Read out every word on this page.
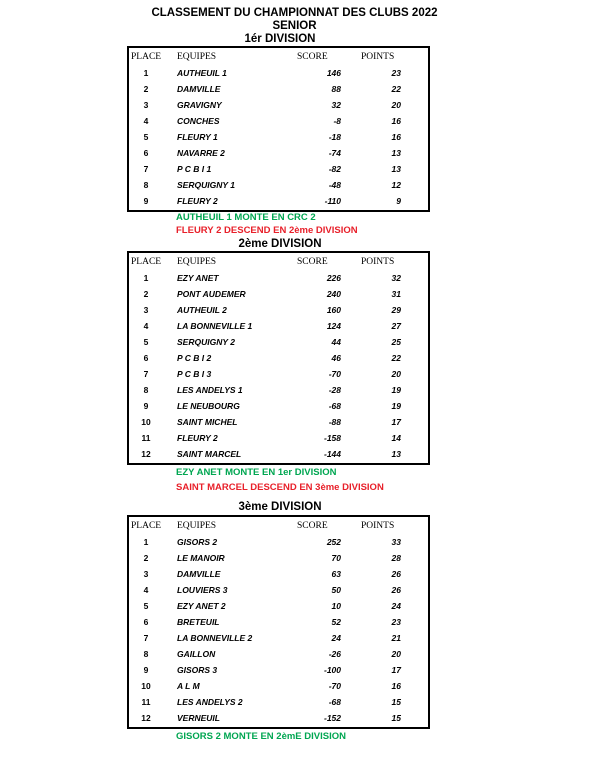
CLASSEMENT DU CHAMPIONNAT DES CLUBS 2022
SENIOR
1ér DIVISION
PLACE	EQUIPES	SCORE	POINTS
1	AUTHEUIL 1	146	23
2	DAMVILLE	88	22
3	GRAVIGNY	32	20
4	CONCHES	-8	16
5	FLEURY 1	-18	16
6	NAVARRE 2	-74	13
7	P C B I 1	-82	13
8	SERQUIGNY 1	-48	12
9	FLEURY 2	-110	9
AUTHEUIL 1 MONTE EN CRC 2
FLEURY 2 DESCEND EN 2ème DIVISION
2ème DIVISION
PLACE	EQUIPES	SCORE	POINTS
1	EZY ANET	226	32
2	PONT AUDEMER	240	31
3	AUTHEUIL 2	160	29
4	LA BONNEVILLE 1	124	27
5	SERQUIGNY 2	44	25
6	P C B I 2	46	22
7	P C B I 3	-70	20
8	LES ANDELYS 1	-28	19
9	LE NEUBOURG	-68	19
10	SAINT MICHEL	-88	17
11	FLEURY 2	-158	14
12	SAINT MARCEL	-144	13
EZY ANET MONTE EN 1er DIVISION
SAINT MARCEL DESCEND EN 3ème DIVISION
3ème DIVISION
PLACE	EQUIPES	SCORE	POINTS
1	GISORS 2	252	33
2	LE MANOIR	70	28
3	DAMVILLE	63	26
4	LOUVIERS 3	50	26
5	EZY ANET 2	10	24
6	BRETEUIL	52	23
7	LA BONNEVILLE 2	24	21
8	GAILLON	-26	20
9	GISORS 3	-100	17
10	A L M	-70	16
11	LES ANDELYS 2	-68	15
12	VERNEUIL	-152	15
GISORS 2 MONTE EN 2èmE DIVISION
